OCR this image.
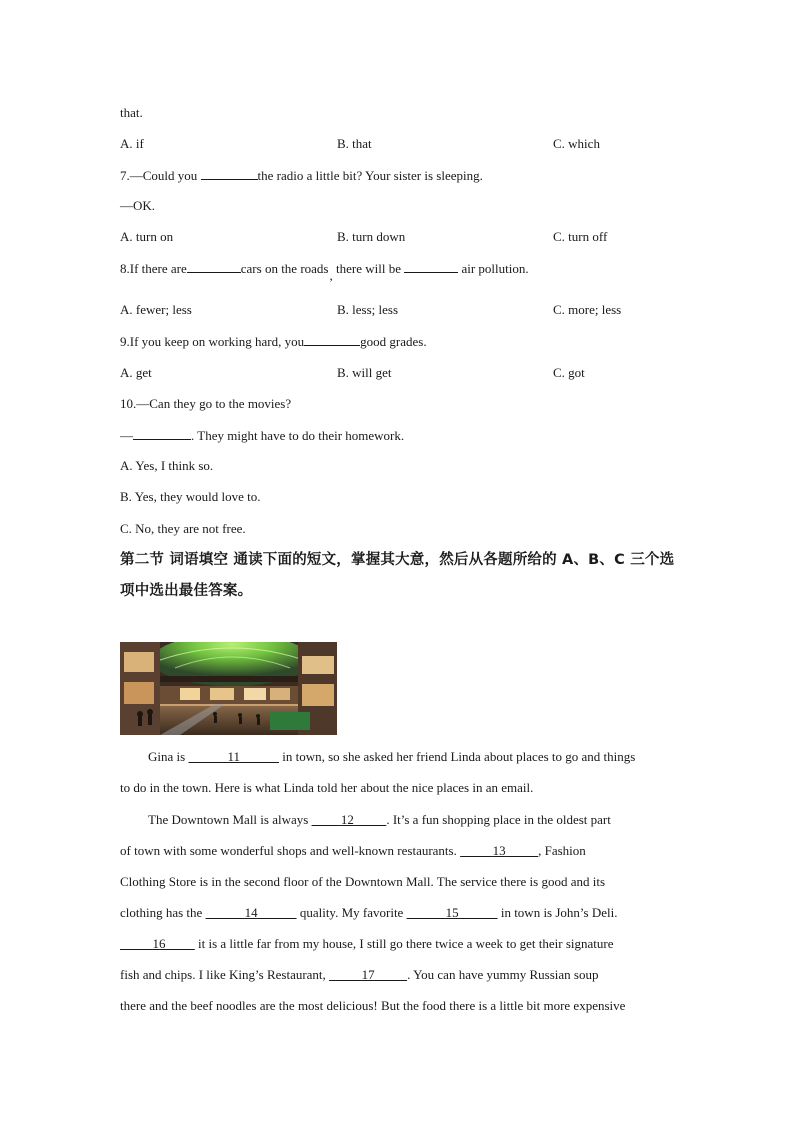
that.
A. if	B. that	C. which
7.—Could you	the radio a little bit? Your sister is sleeping.
—OK.
A. turn on	B. turn down	C. turn off
8.If there are	cars on the roads, there will be	air pollution.
A. fewer; less	B. less; less	C. more; less
9.If you keep on working hard, you	good grades.
A. get	B. will get	C. got
10.—Can they go to the movies?
—	. They might have to do their homework.
A. Yes, I think so.
B. Yes, they would love to.
C. No, they are not free.
第二节 词语填空 通读下面的短文，掌握其大意，然后从各题所给的 A、B、C 三个选项中选出最佳答案。
Gina is	11	in town, so she asked her friend Linda about places to go and things
to do in the town. Here is what Linda told her about the nice places in an email.
The Downtown Mall is always          12	. It’s a fun shopping place in the oldest part
of town with some wonderful shops and well-known restaurants.	13	, Fashion
Clothing Store is in the second floor of the Downtown Mall. The service there is good and its
clothing has the	14	quality. My favorite	15	in town is John’s Deli.
16          it is a little far from my house, I still go there twice a week to get their signature
fish and chips. I like King’s Restaurant,	17	. You can have yummy Russian soup
there and the beef noodles are the most delicious! But the food there is a little bit more expensive
